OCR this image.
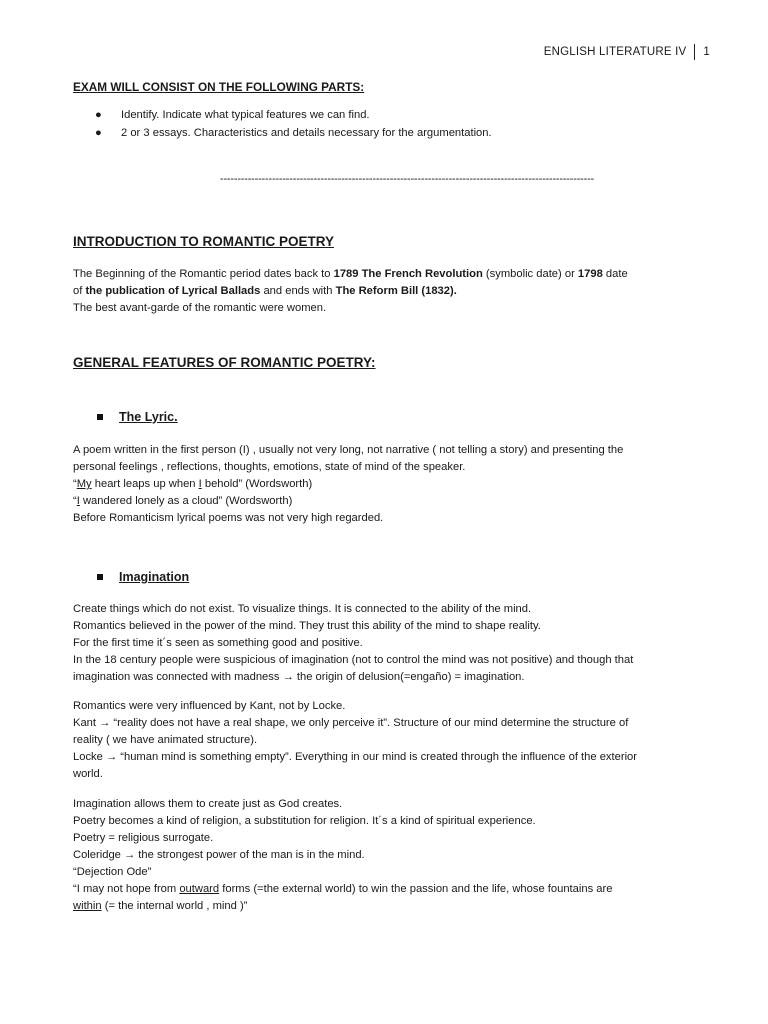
ENGLISH LITERATURE IV 1
EXAM WILL CONSIST ON THE FOLLOWING PARTS:
● Identify. Indicate what typical features we can find.
● 2 or 3 essays. Characteristics and details necessary for the argumentation.
------------------------------------------------------------------------------------------------------------
INTRODUCTION TO ROMANTIC POETRY
The Beginning of the Romantic period dates back to 1789 The French Revolution (symbolic date) or 1798 date
of the publication of Lyrical Ballads and ends with The Reform Bill (1832).
The best avant-garde of the romantic were women.
GENERAL FEATURES OF ROMANTIC POETRY:
The Lyric.
A poem written in the first person (I) , usually not very long, not narrative ( not telling a story) and presenting the
personal feelings , reflections, thoughts, emotions, state of mind of the speaker.
“My heart leaps up when I behold” (Wordsworth)
“I wandered lonely as a cloud” (Wordsworth)
Before Romanticism lyrical poems was not very high regarded.
Imagination
Create things which do not exist. To visualize things. It is connected to the ability of the mind.
Romantics believed in the power of the mind. They trust this ability of the mind to shape reality.
For the first time it´s seen as something good and positive.
In the 18 century people were suspicious of imagination (not to control the mind was not positive) and though that
imagination was connected with madness → the origin of delusion(=engaño) = imagination.
Romantics were very influenced by Kant, not by Locke.
Kant → “reality does not have a real shape, we only perceive it”. Structure of our mind determine the structure of
reality ( we have animated structure).
Locke → “human mind is something empty”. Everything in our mind is created through the influence of the exterior
world.
Imagination allows them to create just as God creates.
Poetry becomes a kind of religion, a substitution for religion. It´s a kind of spiritual experience.
Poetry = religious surrogate.
Coleridge → the strongest power of the man is in the mind.
“Dejection Ode”
“I may not hope from outward forms (=the external world) to win the passion and the life, whose fountains are
within (= the internal world , mind )”
